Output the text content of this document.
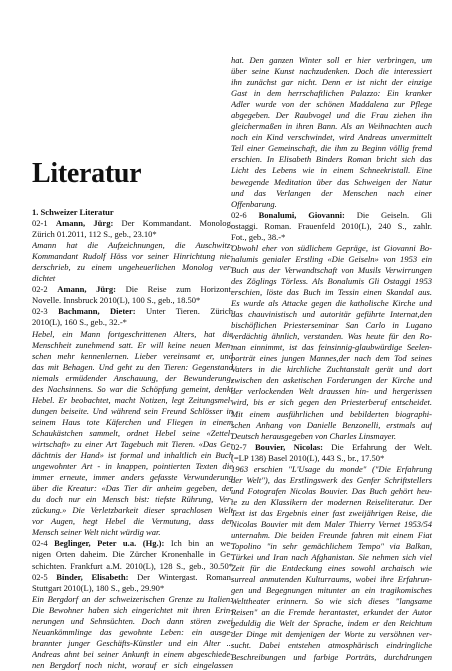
Literatur
1. Schweizer Literatur
02-1 Amann, Jürg: Der Kommandant. Monolog.
Zürich 01.2011, 112 S., geb., 23.10*
Amann hat die Aufzeichnungen, die Auschwitz-
Kommandant Rudolf Höss vor seiner Hinrichtung nie-
derschrieb, zu einem ungeheuerlichen Monolog ver-
dichtet
02-2 Amann, Jürg: Die Reise zum Horizont.
Novelle. Innsbruck 2010(L), 100 S., geb., 18.50*
02-3 Bachmann, Dieter: Unter Tieren. Zürich
2010(L), 160 S., geb., 32.-*
Hebel, ein Mann fortgeschrittenen Alters, hat die
Menschheit zunehmend satt. Er will keine neuen Men-
schen mehr kennenlernen. Lieber vereinsamt er, und
das mit Behagen. Und geht zu den Tieren: Gegenstand
niemals ermüdender Anschauung, der Bewunderung,
des Nachsinnens. So war die Schöpfung gemeint, denkt
Hebel. Er beobachtet, macht Notizen, legt Zeitungsmel-
dungen beiseite. Und während sein Freund Schlösser in
seinem Haus tote Käferchen und Fliegen in einem
Schaukästchen sammelt, ordnet Hebel seine «Zettel-
wirtschaft» zu einer Art Tagebuch mit Tieren. «Das Ge-
dächtnis der Hand» ist formal und inhaltlich ein Buch
ungewohnter Art - in knappen, pointierten Texten die
immer erneute, immer anders gefasste Verwunderung
über die Kreatur: «Das Tier dir anheim gegeben, der
du doch nur ein Mensch bist: tiefste Rührung, Ver-
zückung.» Die Verletzbarkeit dieser sprachlosen Welt
vor Augen, hegt Hebel die Vermutung, dass der
Mensch seiner Welt nicht würdig war.
02-4 Beglinger, Peter u.a. (Hg.): Ich bin an we-
nigen Orten daheim. Die Zürcher Kronenhalle in Ge-
schichten. Frankfurt a.M. 2010(L), 128 S., geb., 30.50*
02-5 Binder, Elisabeth: Der Wintergast. Roman.
Stuttgart 2010(L), 180 S., geb., 29.90*
Ein Bergdorf an der schweizerischen Grenze zu Italien:
Die Bewohner haben sich eingerichtet mit ihren Erin-
nerungen und Sehnsüchten. Doch dann stören zwei
Neuankömmlinge das gewohnte Leben: ein ausge-
brannter junger Geschäfts-Künstler und ein Alter ...
Andreas ahnt bei seiner Ankunft in einem abgeschiede-
nen Bergdorf noch nicht, worauf er sich eingelassen
hat. Den ganzen Winter soll er hier verbringen, um
über seine Kunst nachzudenken. Doch die interessiert
ihn zunächst gar nicht. Denn er ist nicht der einzige
Gast in dem herrschaftlichen Palazzo: Ein kranker
Adler wurde von der schönen Maddalena zur Pflege
abgegeben. Der Raubvogel und die Frau ziehen ihn
gleichermaßen in ihren Bann. Als an Weihnachten auch
noch ein Kind verschwindet, wird Andreas unvermittelt
Teil einer Gemeinschaft, die ihm zu Beginn völlig fremd
erschien. In Elisabeth Binders Roman bricht sich das
Licht des Lebens wie in einem Schneekristall. Eine
bewegende Meditation über das Schweigen der Natur
und das Verlangen der Menschen nach einer
Offenbarung.
02-6 Bonalumi, Giovanni: Die Geiseln. Gli
ostaggi. Roman. Frauenfeld 2010(L), 240 S., zahlr.
Fot., geb., 38.-*
Obwohl eher von südlichem Gepräge, ist Giovanni Bo-
nalumis genialer Erstling «Die Geiseln» von 1953 ein
Buch aus der Verwandtschaft von Musils Verwirrungen
des Zöglings Törless. Als Bonalumis Gli Ostaggi 1953
erschien, löste das Buch im Tessin einen Skandal aus.
Es wurde als Attacke gegen die katholische Kirche und
das chauvinistisch und autoritär geführte Internat,den
bischöflichen Priesterseminar San Carlo in Lugano
verdächtig ähnlich, verstanden. Was heute für den Ro-
man einnimmt, ist das feinsinnig-glaubwürdige Seelen-
porträt eines jungen Mannes,der nach dem Tod seines
Vaters in die kirchliche Zuchtanstalt gerät und dort
zwischen den asketischen Forderungen der Kirche und
der verlockenden Welt draussen hin- und hergerissen
wird, bis er sich gegen den Priesterberuf entscheidet.
Mit einem ausführlichen und bebilderten biographi-
schen Anhang von Danielle Benzonelli, erstmals auf
Deutsch herausgegeben von Charles Linsmayer.
02-7 Bouvier, Nicolas: Die Erfahrung der Welt.
(=LP 138) Basel 2010(L), 443 S., br., 17.50*
1963 erschien "L'Usage du monde" ("Die Erfahrung
der Welt"), das Erstlingswerk des Genfer Schriftstellers
und Fotografen Nicolas Bouvier. Das Buch gehört heu-
te zu den Klassikern der modernen Reiseliteratur. Der
Text ist das Ergebnis einer fast zweijährigen Reise, die
Nicolas Bouvier mit dem Maler Thierry Vernet 1953/54
unternahm. Die beiden Freunde fahren mit einem Fiat
Topolino "in sehr gemächlichem Tempo" via Balkan,
Türkei und Iran nach Afghanistan. Sie nehmen sich viel
Zeit für die Entdeckung eines sowohl archaisch wie
surreal anmutenden Kulturraums, wobei ihre Erfahrun-
gen und Begegnungen mitunter an ein tragikomisches
Welttheater erinnern. So wie sich dieses "langsame
Reisen" an die Fremde herantastet, erkundet der Autor
geduldig die Welt der Sprache, indem er den Reichtum
der Dinge mit demjenigen der Worte zu versöhnen ver-
sucht. Dabei entstehen atmosphärisch eindringliche
Beschreibungen und farbige Porträts, durchdrungen
